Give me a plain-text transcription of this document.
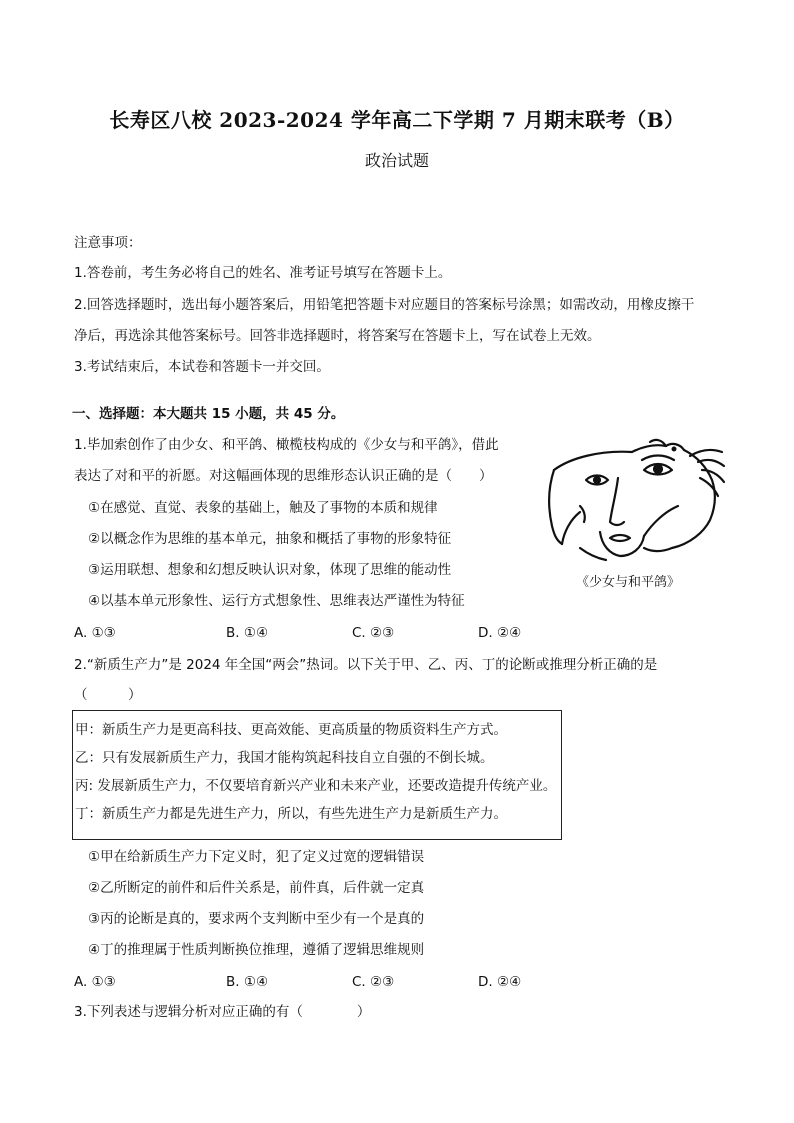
长寿区八校 2023-2024 学年高二下学期 7 月期末联考（B）
政治试题
注意事项：
1.答卷前，考生务必将自己的姓名、准考证号填写在答题卡上。
2.回答选择题时，选出每小题答案后，用铅笔把答题卡对应题目的答案标号涂黑；如需改动，用橡皮擦干
净后，再选涂其他答案标号。回答非选择题时，将答案写在答题卡上，写在试卷上无效。
3.考试结束后，本试卷和答题卡一并交回。
一、选择题：本大题共 15 小题，共 45 分。
1.毕加索创作了由少女、和平鸽、橄榄枝构成的《少女与和平鸽》，借此
表达了对和平的祈愿。对这幅画体现的思维形态认识正确的是（　　）
①在感觉、直觉、表象的基础上，触及了事物的本质和规律
②以概念作为思维的基本单元，抽象和概括了事物的形象特征
③运用联想、想象和幻想反映认识对象，体现了思维的能动性
④以基本单元形象性、运行方式想象性、思维表达严谨性为特征
A. ①③	B. ①④	C. ②③	D. ②④
《少女与和平鸽》
2.“新质生产力”是 2024 年全国“两会”热词。以下关于甲、乙、丙、丁的论断或推理分析正确的是
（　　　）
甲：新质生产力是更高科技、更高效能、更高质量的物质资料生产方式。
乙：只有发展新质生产力，我国才能构筑起科技自立自强的不倒长城。
丙: 发展新质生产力，不仅要培育新兴产业和未来产业，还要改造提升传统产业。
丁：新质生产力都是先进生产力，所以，有些先进生产力是新质生产力。
①甲在给新质生产力下定义时，犯了定义过宽的逻辑错误
②乙所断定的前件和后件关系是，前件真，后件就一定真
③丙的论断是真的，要求两个支判断中至少有一个是真的
④丁的推理属于性质判断换位推理，遵循了逻辑思维规则
A. ①③	B. ①④	C. ②③	D. ②④
3.下列表述与逻辑分析对应正确的有（　　　　）
